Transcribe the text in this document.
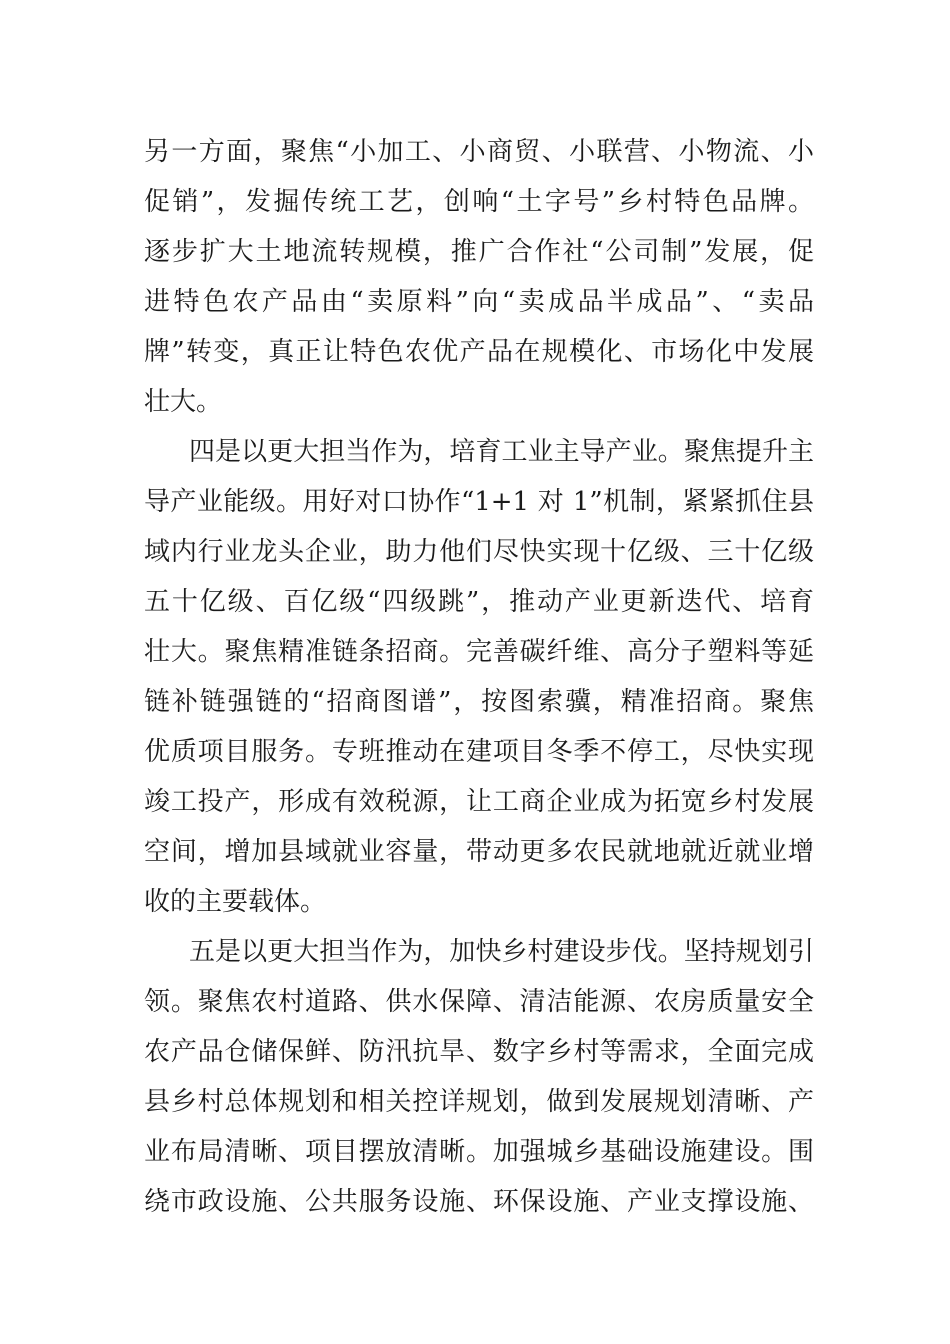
另一方面，聚焦“小加工、小商贸、小联营、小物流、小
促销”，发掘传统工艺，创响“土字号”乡村特色品牌。
逐步扩大土地流转规模，推广合作社“公司制”发展，促
进特色农产品由“卖原料”向“卖成品半成品”、“卖品
牌”转变，真正让特色农优产品在规模化、市场化中发展
壮大。
四是以更大担当作为，培育工业主导产业。聚焦提升主
导产业能级。用好对口协作“1+1 对 1”机制，紧紧抓住县
域内行业龙头企业，助力他们尽快实现十亿级、三十亿级
五十亿级、百亿级“四级跳”，推动产业更新迭代、培育
壮大。聚焦精准链条招商。完善碳纤维、高分子塑料等延
链补链强链的“招商图谱”，按图索骥，精准招商。聚焦
优质项目服务。专班推动在建项目冬季不停工，尽快实现
竣工投产，形成有效税源，让工商企业成为拓宽乡村发展
空间，增加县域就业容量，带动更多农民就地就近就业增
收的主要载体。
五是以更大担当作为，加快乡村建设步伐。坚持规划引
领。聚焦农村道路、供水保障、清洁能源、农房质量安全
农产品仓储保鲜、防汛抗旱、数字乡村等需求，全面完成
县乡村总体规划和相关控详规划，做到发展规划清晰、产
业布局清晰、项目摆放清晰。加强城乡基础设施建设。围
绕市政设施、公共服务设施、环保设施、产业支撑设施、
